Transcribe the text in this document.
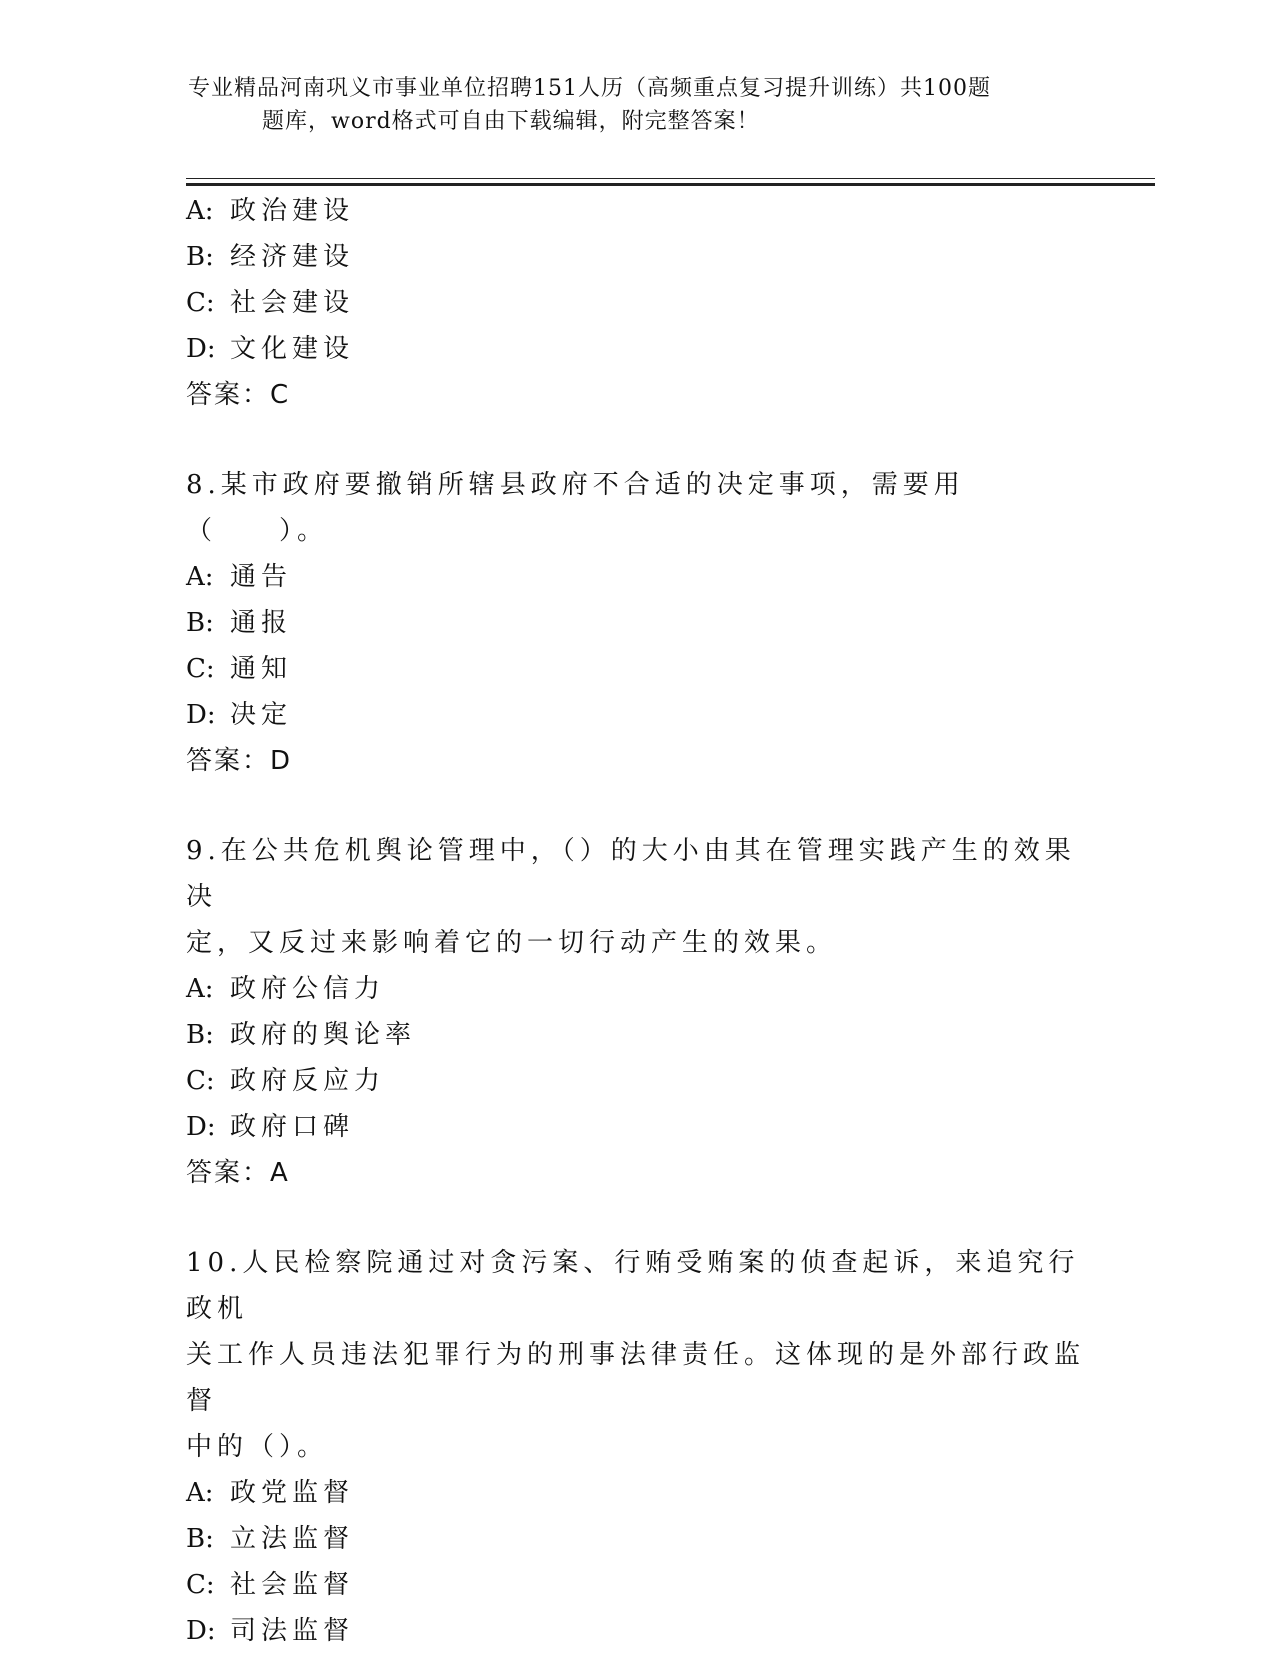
专业精品河南巩义市事业单位招聘151人历（高频重点复习提升训练）共100题
题库，word格式可自由下载编辑，附完整答案！
A: 政治建设
B: 经济建设
C: 社会建设
D: 文化建设
答案：C
8.某市政府要撤销所辖县政府不合适的决定事项，需要用（　　）。
A: 通告
B: 通报
C: 通知
D: 决定
答案：D
9.在公共危机舆论管理中，（）的大小由其在管理实践产生的效果决
定，又反过来影响着它的一切行动产生的效果。
A: 政府公信力
B: 政府的舆论率
C: 政府反应力
D: 政府口碑
答案：A
10.人民检察院通过对贪污案、行贿受贿案的侦查起诉，来追究行政机
关工作人员违法犯罪行为的刑事法律责任。这体现的是外部行政监督
中的（）。
A: 政党监督
B: 立法监督
C: 社会监督
D: 司法监督
